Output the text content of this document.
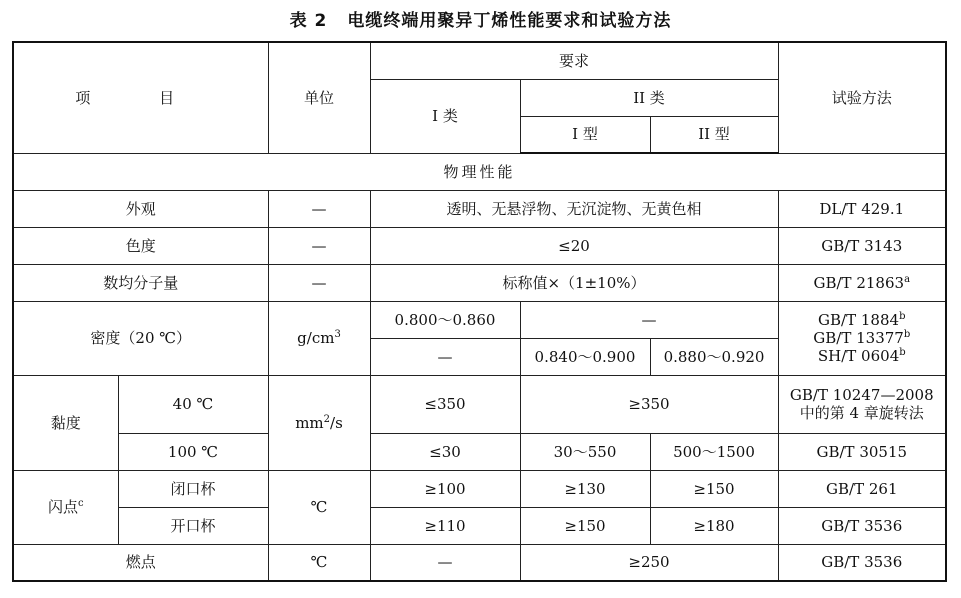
表 2 电缆终端用聚异丁烯性能要求和试验方法
项 目		单位	要求			试验方法
			I 类	II 类		
				I 型	II 型	
物理性能						
外观		—	透明、无悬浮物、无沉淀物、无黄色相			DL/T 429.1
色度		—	≤20			GB/T 3143
数均分子量		—	标称值×（1±10%）			GB/T 21863$^a$
密度（20 ℃）		$g/cm^3$	0.800～0.860	—		GB/T 1884$^b$
GB/T 13377$^b$
SH/T 0604$^b$

			—	0.840～0.900	0.880～0.920	
黏度	40 ℃	$mm^2/s$	≤350	≥350		GB/T 10247—2008
中的第 4 章旋转法

	100 ℃		≤30	30～550	500～1500	GB/T 30515
闪点$^c$	闭口杯	℃	≥100	≥130	≥150	GB/T 261
	开口杯		≥110	≥150	≥180	GB/T 3536
燃点		℃	—	≥250		GB/T 3536
